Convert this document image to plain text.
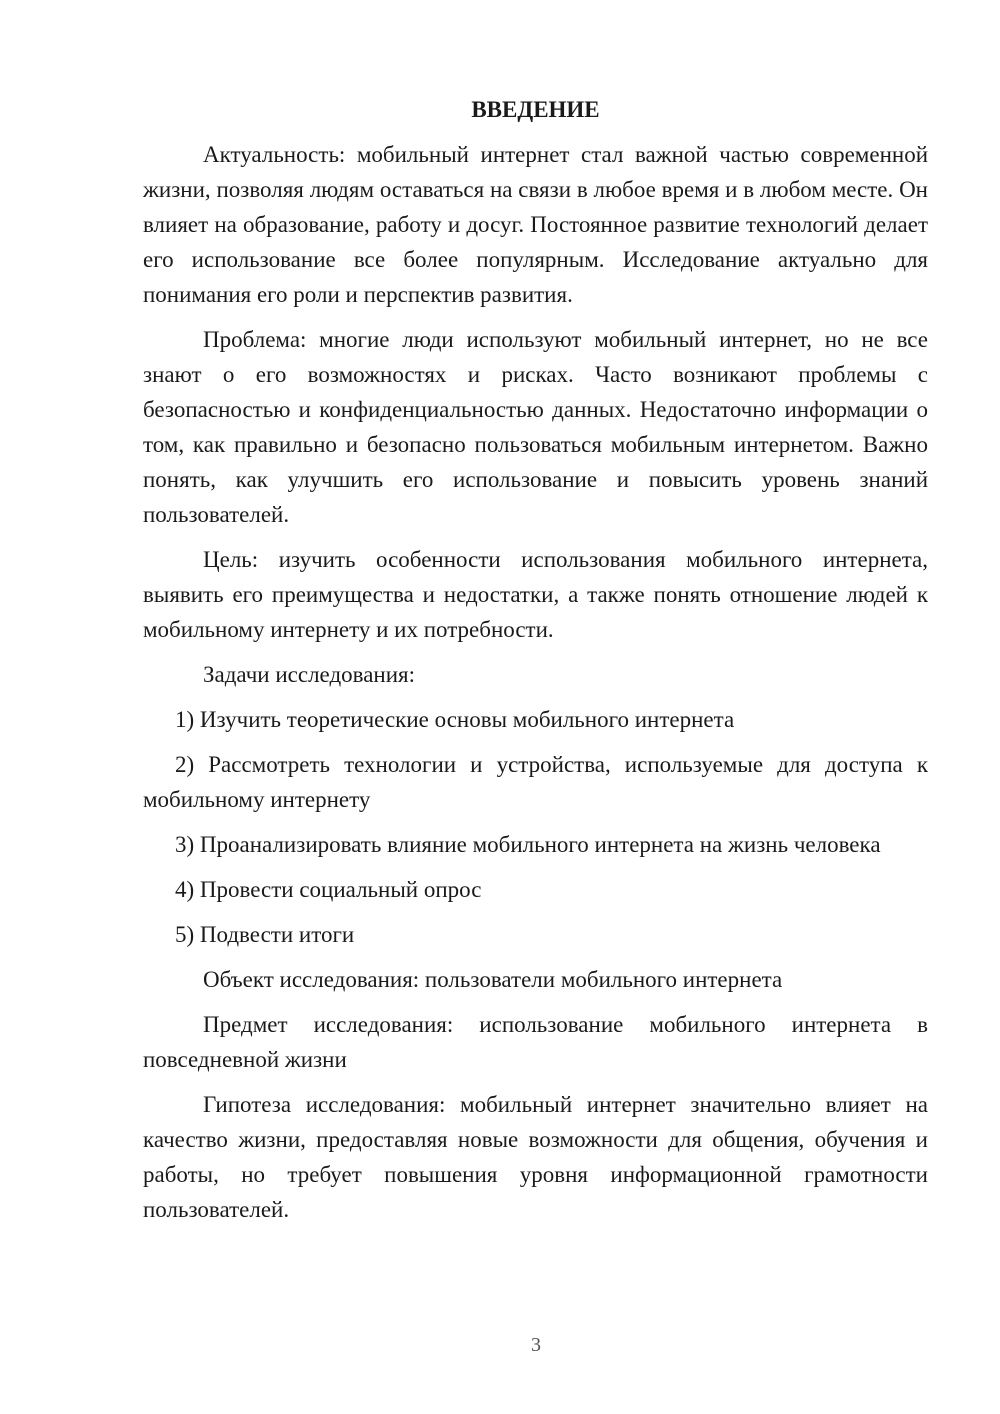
ВВЕДЕНИЕ

Актуальность: мобильный интернет стал важной частью современной жизни, позволяя людям оставаться на связи в любое время и в любом месте. Он влияет на образование, работу и досуг. Постоянное развитие технологий делает его использование все более популярным. Исследование актуально для понимания его роли и перспектив развития.

Проблема: многие люди используют мобильный интернет, но не все знают о его возможностях и рисках. Часто возникают проблемы с безопасностью и конфиденциальностью данных. Недостаточно информации о том, как правильно и безопасно пользоваться мобильным интернетом. Важно понять, как улучшить его использование и повысить уровень знаний пользователей.

Цель: изучить особенности использования мобильного интернета, выявить его преимущества и недостатки, а также понять отношение людей к мобильному интернету и их потребности.

Задачи исследования:

1) Изучить теоретические основы мобильного интернета

2) Рассмотреть технологии и устройства, используемые для доступа к мобильному интернету

3) Проанализировать влияние мобильного интернета на жизнь человека

4) Провести социальный опрос

5) Подвести итоги

Объект исследования: пользователи мобильного интернета

Предмет исследования: использование мобильного интернета в повседневной жизни

Гипотеза исследования: мобильный интернет значительно влияет на качество жизни, предоставляя новые возможности для общения, обучения и работы, но требует повышения уровня информационной грамотности пользователей.

3
